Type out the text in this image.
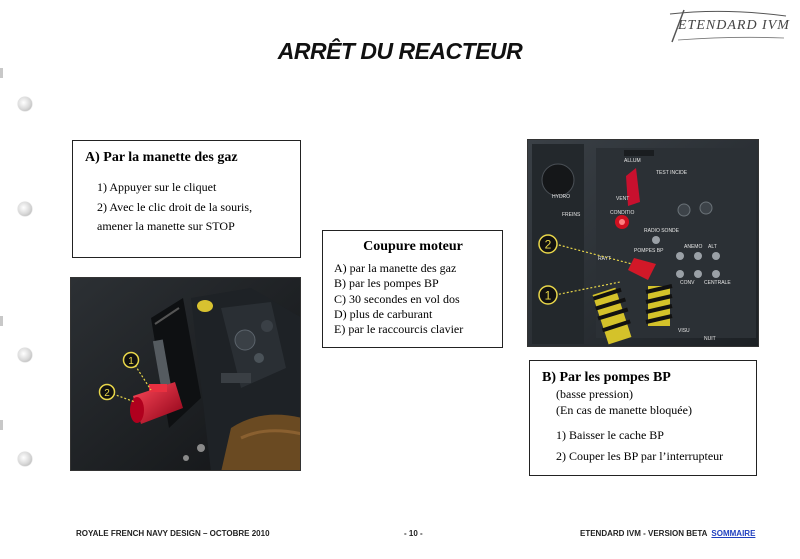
ARRÊT DU REACTEUR
ETENDARD IVM
A) Par la manette des gaz
1) Appuyer sur le cliquet
2) Avec le clic droit de la souris,
amener la manette sur STOP
Coupure moteur
A) par la manette des gaz
B) par les pompes BP
C) 30 secondes en vol dos
D) plus de carburant
E) par le raccourcis clavier
B) Par les pompes BP
(basse pression)
(En cas de manette bloquée)
1) Baisser le cache BP
2) Couper les BP par l’interrupteur
1
2
ALLUM
TEST INCIDE
HYDRO
FREINS
VENT
CONDITIO
RADIO SONDE
ANEMO ALT
RAYT
POMPES BP
CONV CENTRALE
VISU
NUIT
2
1
ROYALE FRENCH NAVY DESIGN – OCTOBRE 2010	- 10 -	ETENDARD IVM - VERSION BETA SOMMAIRE
